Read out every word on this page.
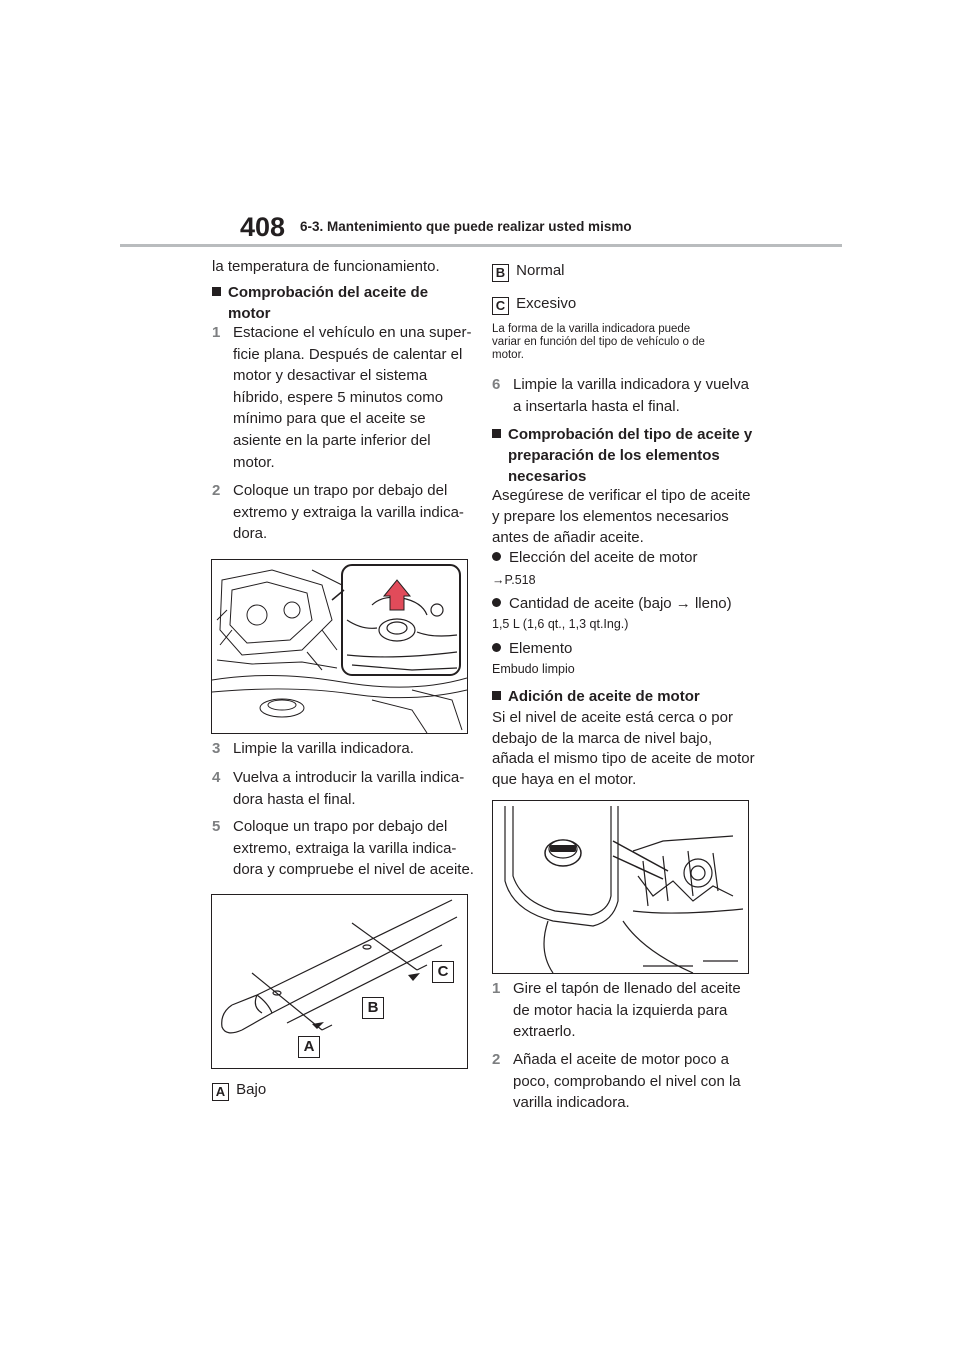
408 6-3. Mantenimiento que puede realizar usted mismo
la temperatura de funcionamiento.
Comprobación del aceite de
motor
1 Estacione el vehículo en una super-
ficie plana. Después de calentar el
motor y desactivar el sistema
híbrido, espere 5 minutos como
mínimo para que el aceite se
asiente en la parte inferior del
motor.
2 Coloque un trapo por debajo del
extremo y extraiga la varilla indica-
dora.
3 Limpie la varilla indicadora.
4 Vuelva a introducir la varilla indica-
dora hasta el final.
5 Coloque un trapo por debajo del
extremo, extraiga la varilla indica-
dora y compruebe el nivel de aceite.
C
B
A
A Bajo
B Normal
C Excesivo
La forma de la varilla indicadora puede
variar en función del tipo de vehículo o de
motor.
6 Limpie la varilla indicadora y vuelva
a insertarla hasta el final.
Comprobación del tipo de aceite y
preparación de los elementos
necesarios
Asegúrese de verificar el tipo de aceite
y prepare los elementos necesarios
antes de añadir aceite.
Elección del aceite de motor
→P.518
Cantidad de aceite (bajo → lleno)
1,5 L (1,6 qt., 1,3 qt.Ing.)
Elemento
Embudo limpio
Adición de aceite de motor
Si el nivel de aceite está cerca o por
debajo de la marca de nivel bajo,
añada el mismo tipo de aceite de motor
que haya en el motor.
1 Gire el tapón de llenado del aceite
de motor hacia la izquierda para
extraerlo.
2 Añada el aceite de motor poco a
poco, comprobando el nivel con la
varilla indicadora.
